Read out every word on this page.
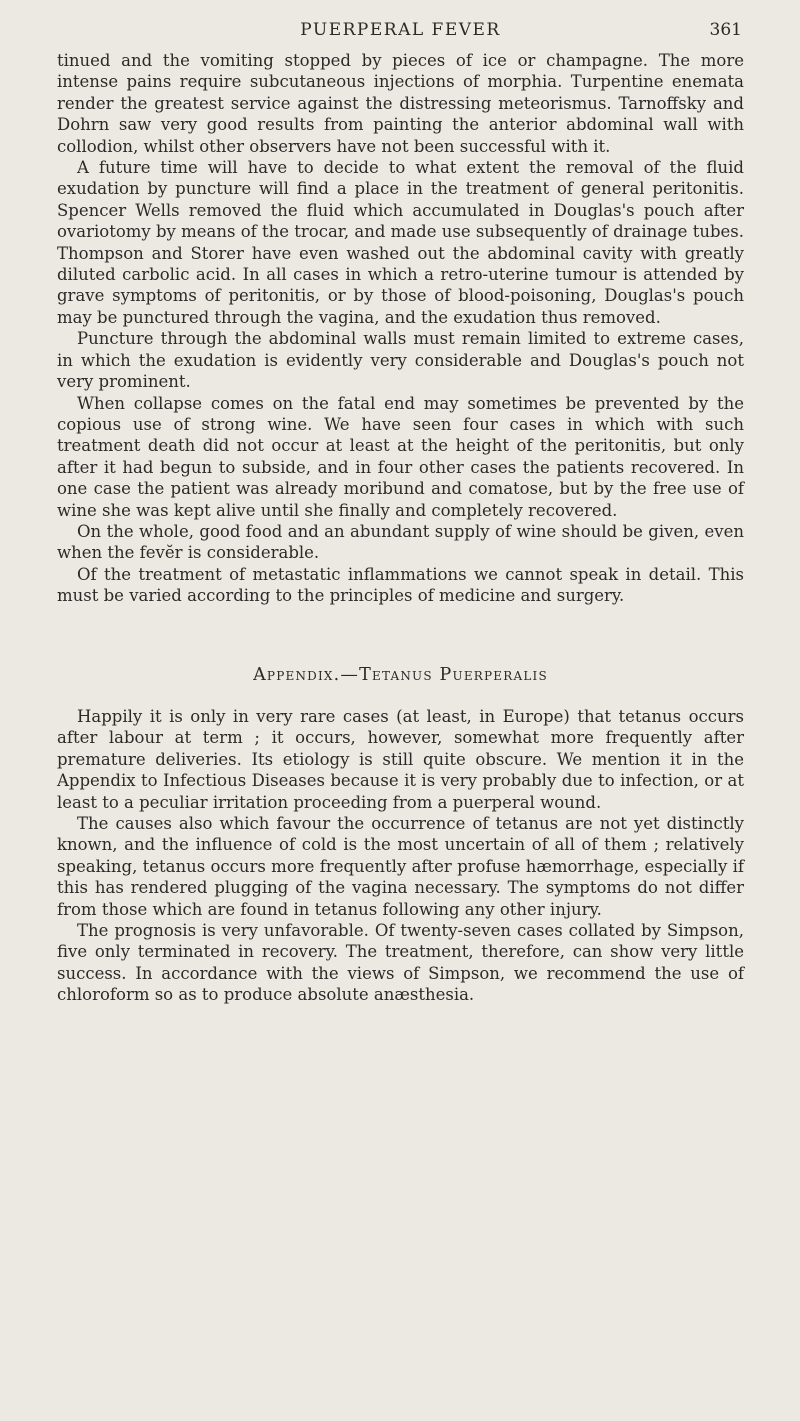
PUERPERAL FEVER	361

tinued and the vomiting stopped by pieces of ice or champagne. The more intense pains require subcutaneous injections of morphia. Turpentine enemata render the greatest service against the distressing meteorismus. Tarnoffsky and Dohrn saw very good results from painting the anterior abdominal wall with collodion, whilst other observers have not been successful with it.

A future time will have to decide to what extent the removal of the fluid exudation by puncture will find a place in the treatment of general peritonitis. Spencer Wells removed the fluid which accumulated in Douglas's pouch after ovariotomy by means of the trocar, and made use subsequently of drainage tubes. Thompson and Storer have even washed out the abdominal cavity with greatly diluted carbolic acid. In all cases in which a retro-uterine tumour is attended by grave symptoms of peritonitis, or by those of blood-poisoning, Douglas's pouch may be punctured through the vagina, and the exudation thus removed.

Puncture through the abdominal walls must remain limited to extreme cases, in which the exudation is evidently very considerable and Douglas's pouch not very prominent.

When collapse comes on the fatal end may sometimes be prevented by the copious use of strong wine. We have seen four cases in which with such treatment death did not occur at least at the height of the peritonitis, but only after it had begun to subside, and in four other cases the patients recovered. In one case the patient was already moribund and comatose, but by the free use of wine she was kept alive until she finally and completely recovered.

On the whole, good food and an abundant supply of wine should be given, even when the fevĕr is considerable.

Of the treatment of metastatic inflammations we cannot speak in detail. This must be varied according to the principles of medicine and surgery.

Appendix.—Tetanus Puerperalis

Happily it is only in very rare cases (at least, in Europe) that tetanus occurs after labour at term ; it occurs, however, somewhat more frequently after premature deliveries. Its etiology is still quite obscure. We mention it in the Appendix to Infectious Diseases because it is very probably due to infection, or at least to a peculiar irritation proceeding from a puerperal wound.

The causes also which favour the occurrence of tetanus are not yet distinctly known, and the influence of cold is the most uncertain of all of them ; relatively speaking, tetanus occurs more frequently after profuse hæmorrhage, especially if this has rendered plugging of the vagina necessary. The symptoms do not differ from those which are found in tetanus following any other injury.

The prognosis is very unfavorable. Of twenty-seven cases collated by Simpson, five only terminated in recovery. The treatment, therefore, can show very little success. In accordance with the views of Simpson, we recommend the use of chloroform so as to produce absolute anæsthesia.
